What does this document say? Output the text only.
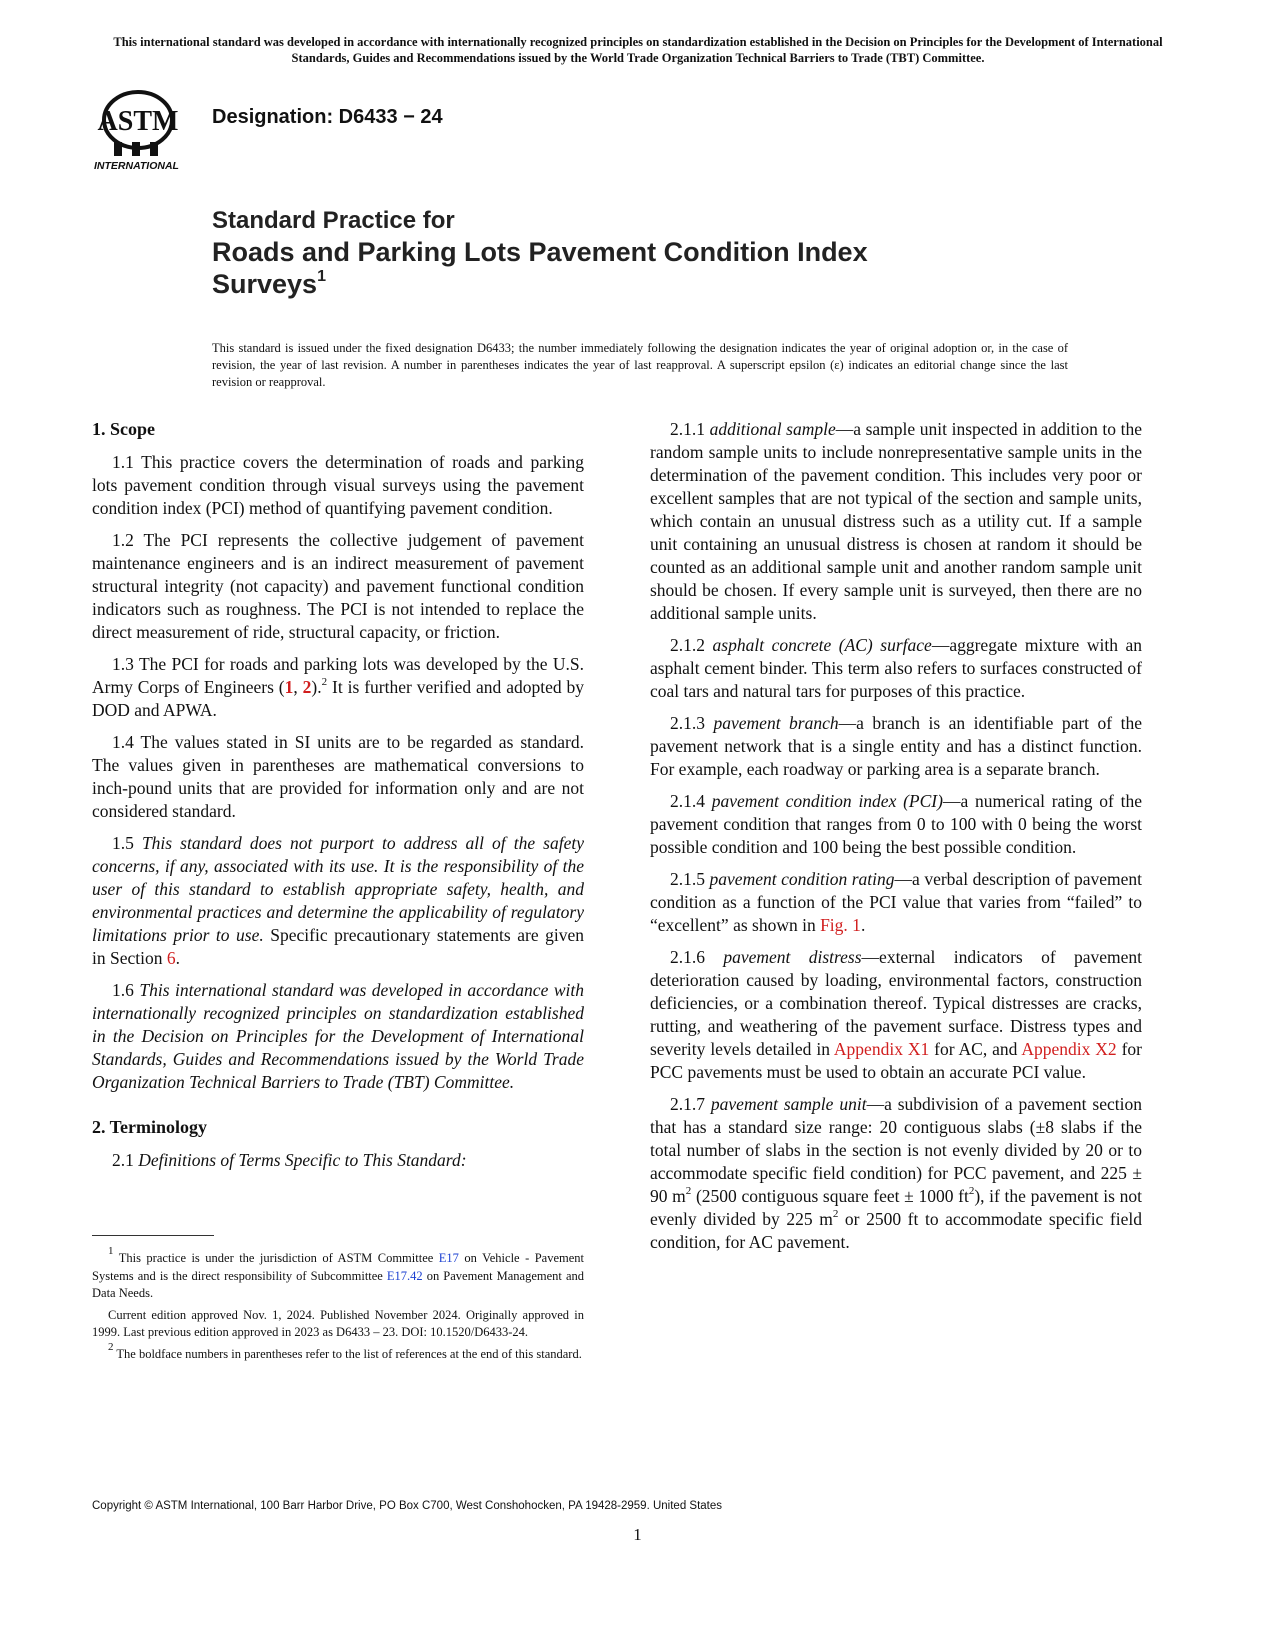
This international standard was developed in accordance with internationally recognized principles on standardization established in the Decision on Principles for the Development of International Standards, Guides and Recommendations issued by the World Trade Organization Technical Barriers to Trade (TBT) Committee.
ASTM
INTERNATIONAL
Designation: D6433 − 24
Standard Practice for
Roads and Parking Lots Pavement Condition Index
Surveys$^1$
This standard is issued under the fixed designation D6433; the number immediately following the designation indicates the year of original adoption or, in the case of revision, the year of last revision. A number in parentheses indicates the year of last reapproval. A superscript epsilon (ε) indicates an editorial change since the last revision or reapproval.
1. Scope

1.1 This practice covers the determination of roads and parking lots pavement condition through visual surveys using the pavement condition index (PCI) method of quantifying pavement condition.

1.2 The PCI represents the collective judgement of pavement maintenance engineers and is an indirect measurement of pavement structural integrity (not capacity) and pavement functional condition indicators such as roughness. The PCI is not intended to replace the direct measurement of ride, structural capacity, or friction.

1.3 The PCI for roads and parking lots was developed by the U.S. Army Corps of Engineers (1, 2).$^2$ It is further verified and adopted by DOD and APWA.

1.4 The values stated in SI units are to be regarded as standard. The values given in parentheses are mathematical conversions to inch-pound units that are provided for information only and are not considered standard.

1.5 This standard does not purport to address all of the safety concerns, if any, associated with its use. It is the responsibility of the user of this standard to establish appropriate safety, health, and environmental practices and determine the applicability of regulatory limitations prior to use. Specific precautionary statements are given in Section 6.

1.6 This international standard was developed in accordance with internationally recognized principles on standardization established in the Decision on Principles for the Development of International Standards, Guides and Recommendations issued by the World Trade Organization Technical Barriers to Trade (TBT) Committee.

2. Terminology

2.1 Definitions of Terms Specific to This Standard:

2.1.1 additional sample—a sample unit inspected in addition to the random sample units to include nonrepresentative sample units in the determination of the pavement condition. This includes very poor or excellent samples that are not typical of the section and sample units, which contain an unusual distress such as a utility cut. If a sample unit containing an unusual distress is chosen at random it should be counted as an additional sample unit and another random sample unit should be chosen. If every sample unit is surveyed, then there are no additional sample units.

2.1.2 asphalt concrete (AC) surface—aggregate mixture with an asphalt cement binder. This term also refers to surfaces constructed of coal tars and natural tars for purposes of this practice.

2.1.3 pavement branch—a branch is an identifiable part of the pavement network that is a single entity and has a distinct function. For example, each roadway or parking area is a separate branch.

2.1.4 pavement condition index (PCI)—a numerical rating of the pavement condition that ranges from 0 to 100 with 0 being the worst possible condition and 100 being the best possible condition.

2.1.5 pavement condition rating—a verbal description of pavement condition as a function of the PCI value that varies from “failed” to “excellent” as shown in Fig. 1.

2.1.6 pavement distress—external indicators of pavement deterioration caused by loading, environmental factors, construction deficiencies, or a combination thereof. Typical distresses are cracks, rutting, and weathering of the pavement surface. Distress types and severity levels detailed in Appendix X1 for AC, and Appendix X2 for PCC pavements must be used to obtain an accurate PCI value.

2.1.7 pavement sample unit—a subdivision of a pavement section that has a standard size range: 20 contiguous slabs (±8 slabs if the total number of slabs in the section is not evenly divided by 20 or to accommodate specific field condition) for PCC pavement, and 225 ± 90 m$^2$ (2500 contiguous square feet ± 1000 ft$^2$), if the pavement is not evenly divided by 225 m$^2$ or 2500 ft to accommodate specific field condition, for AC pavement.

$^1$ This practice is under the jurisdiction of ASTM Committee E17 on Vehicle - Pavement Systems and is the direct responsibility of Subcommittee E17.42 on Pavement Management and Data Needs.

Current edition approved Nov. 1, 2024. Published November 2024. Originally approved in 1999. Last previous edition approved in 2023 as D6433 – 23. DOI: 10.1520/D6433-24.

$^2$ The boldface numbers in parentheses refer to the list of references at the end of this standard.

Copyright © ASTM International, 100 Barr Harbor Drive, PO Box C700, West Conshohocken, PA 19428-2959. United States
1
